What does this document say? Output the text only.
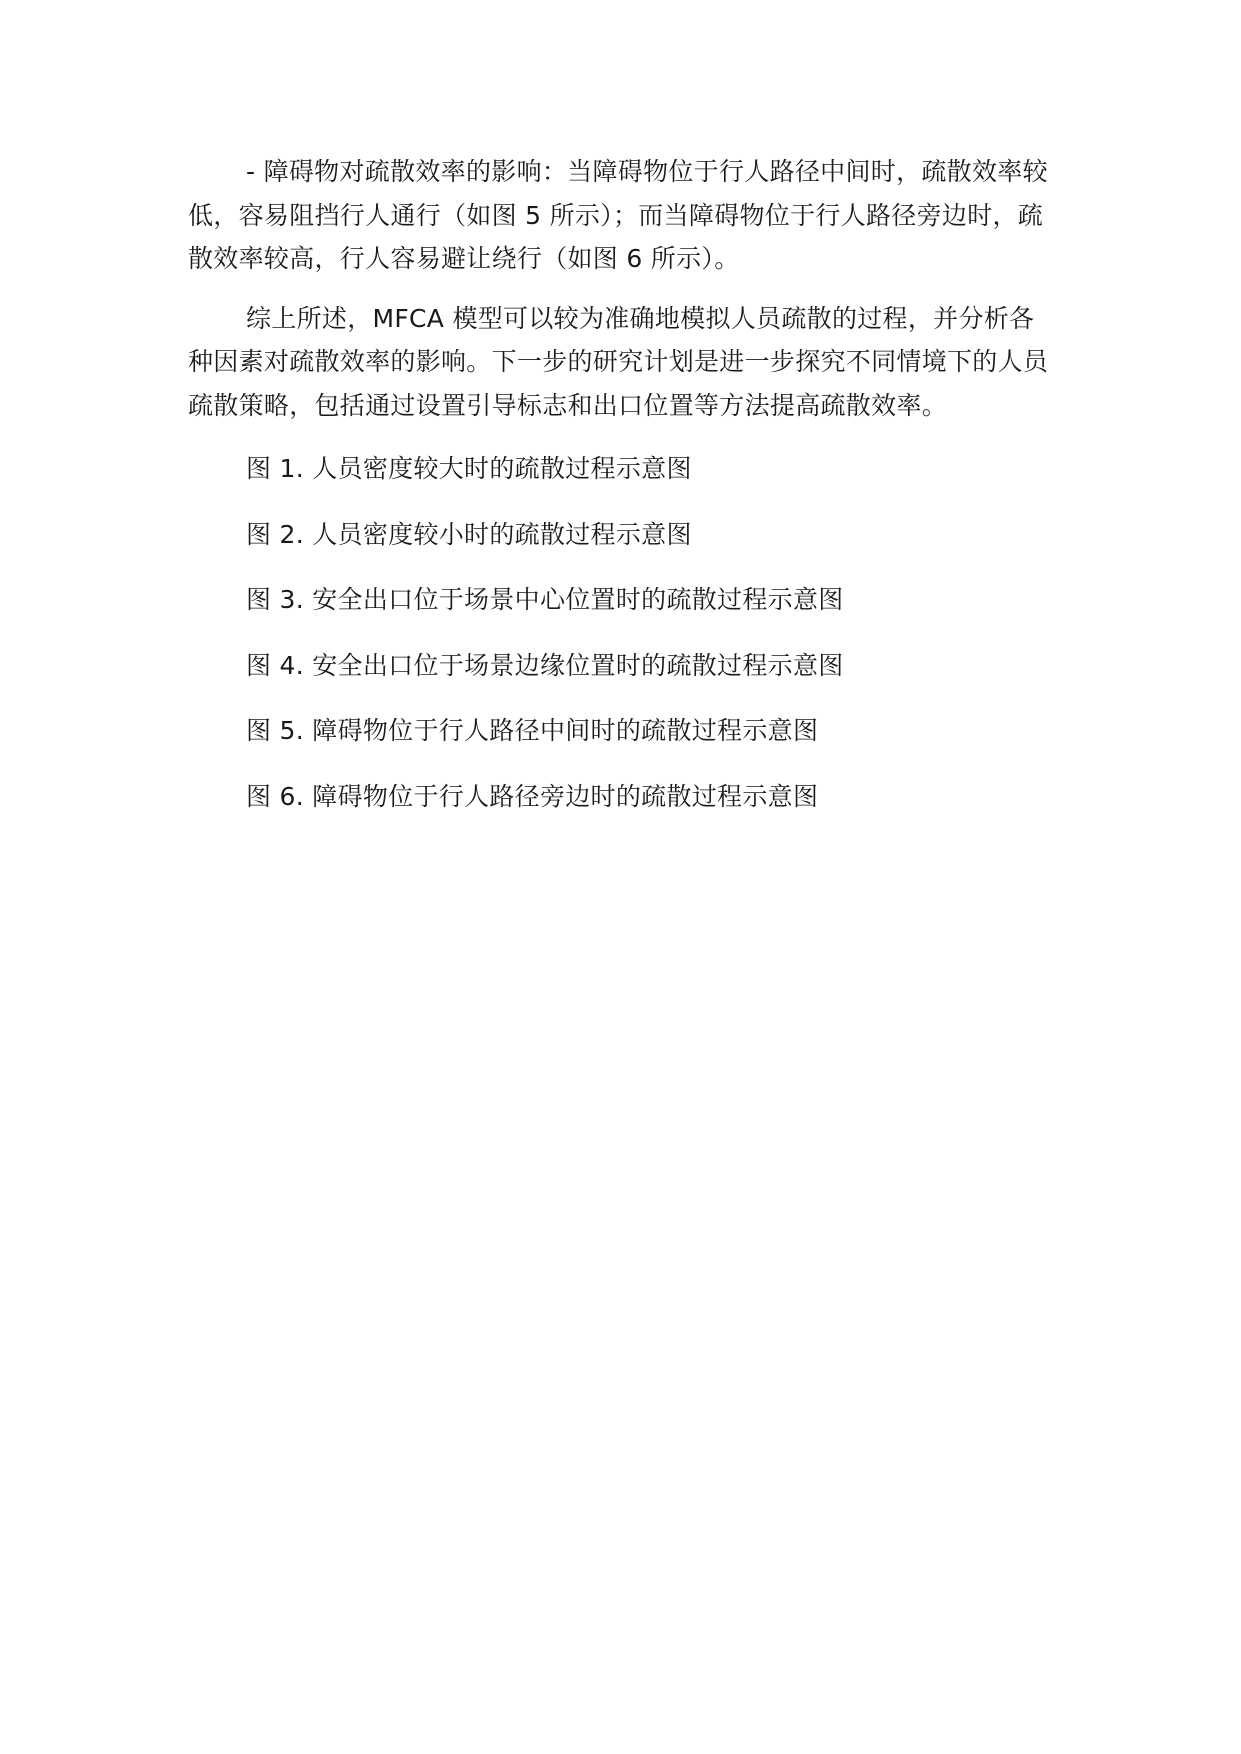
- 障碍物对疏散效率的影响：当障碍物位于行人路径中间时，疏散效率较低，容易阻挡行人通行（如图 5 所示）；而当障碍物位于行人路径旁边时，疏散效率较高，行人容易避让绕行（如图 6 所示）。

综上所述，MFCA 模型可以较为准确地模拟人员疏散的过程，并分析各种因素对疏散效率的影响。下一步的研究计划是进一步探究不同情境下的人员疏散策略，包括通过设置引导标志和出口位置等方法提高疏散效率。

图 1. 人员密度较大时的疏散过程示意图

图 2. 人员密度较小时的疏散过程示意图

图 3. 安全出口位于场景中心位置时的疏散过程示意图

图 4. 安全出口位于场景边缘位置时的疏散过程示意图

图 5. 障碍物位于行人路径中间时的疏散过程示意图

图 6. 障碍物位于行人路径旁边时的疏散过程示意图
